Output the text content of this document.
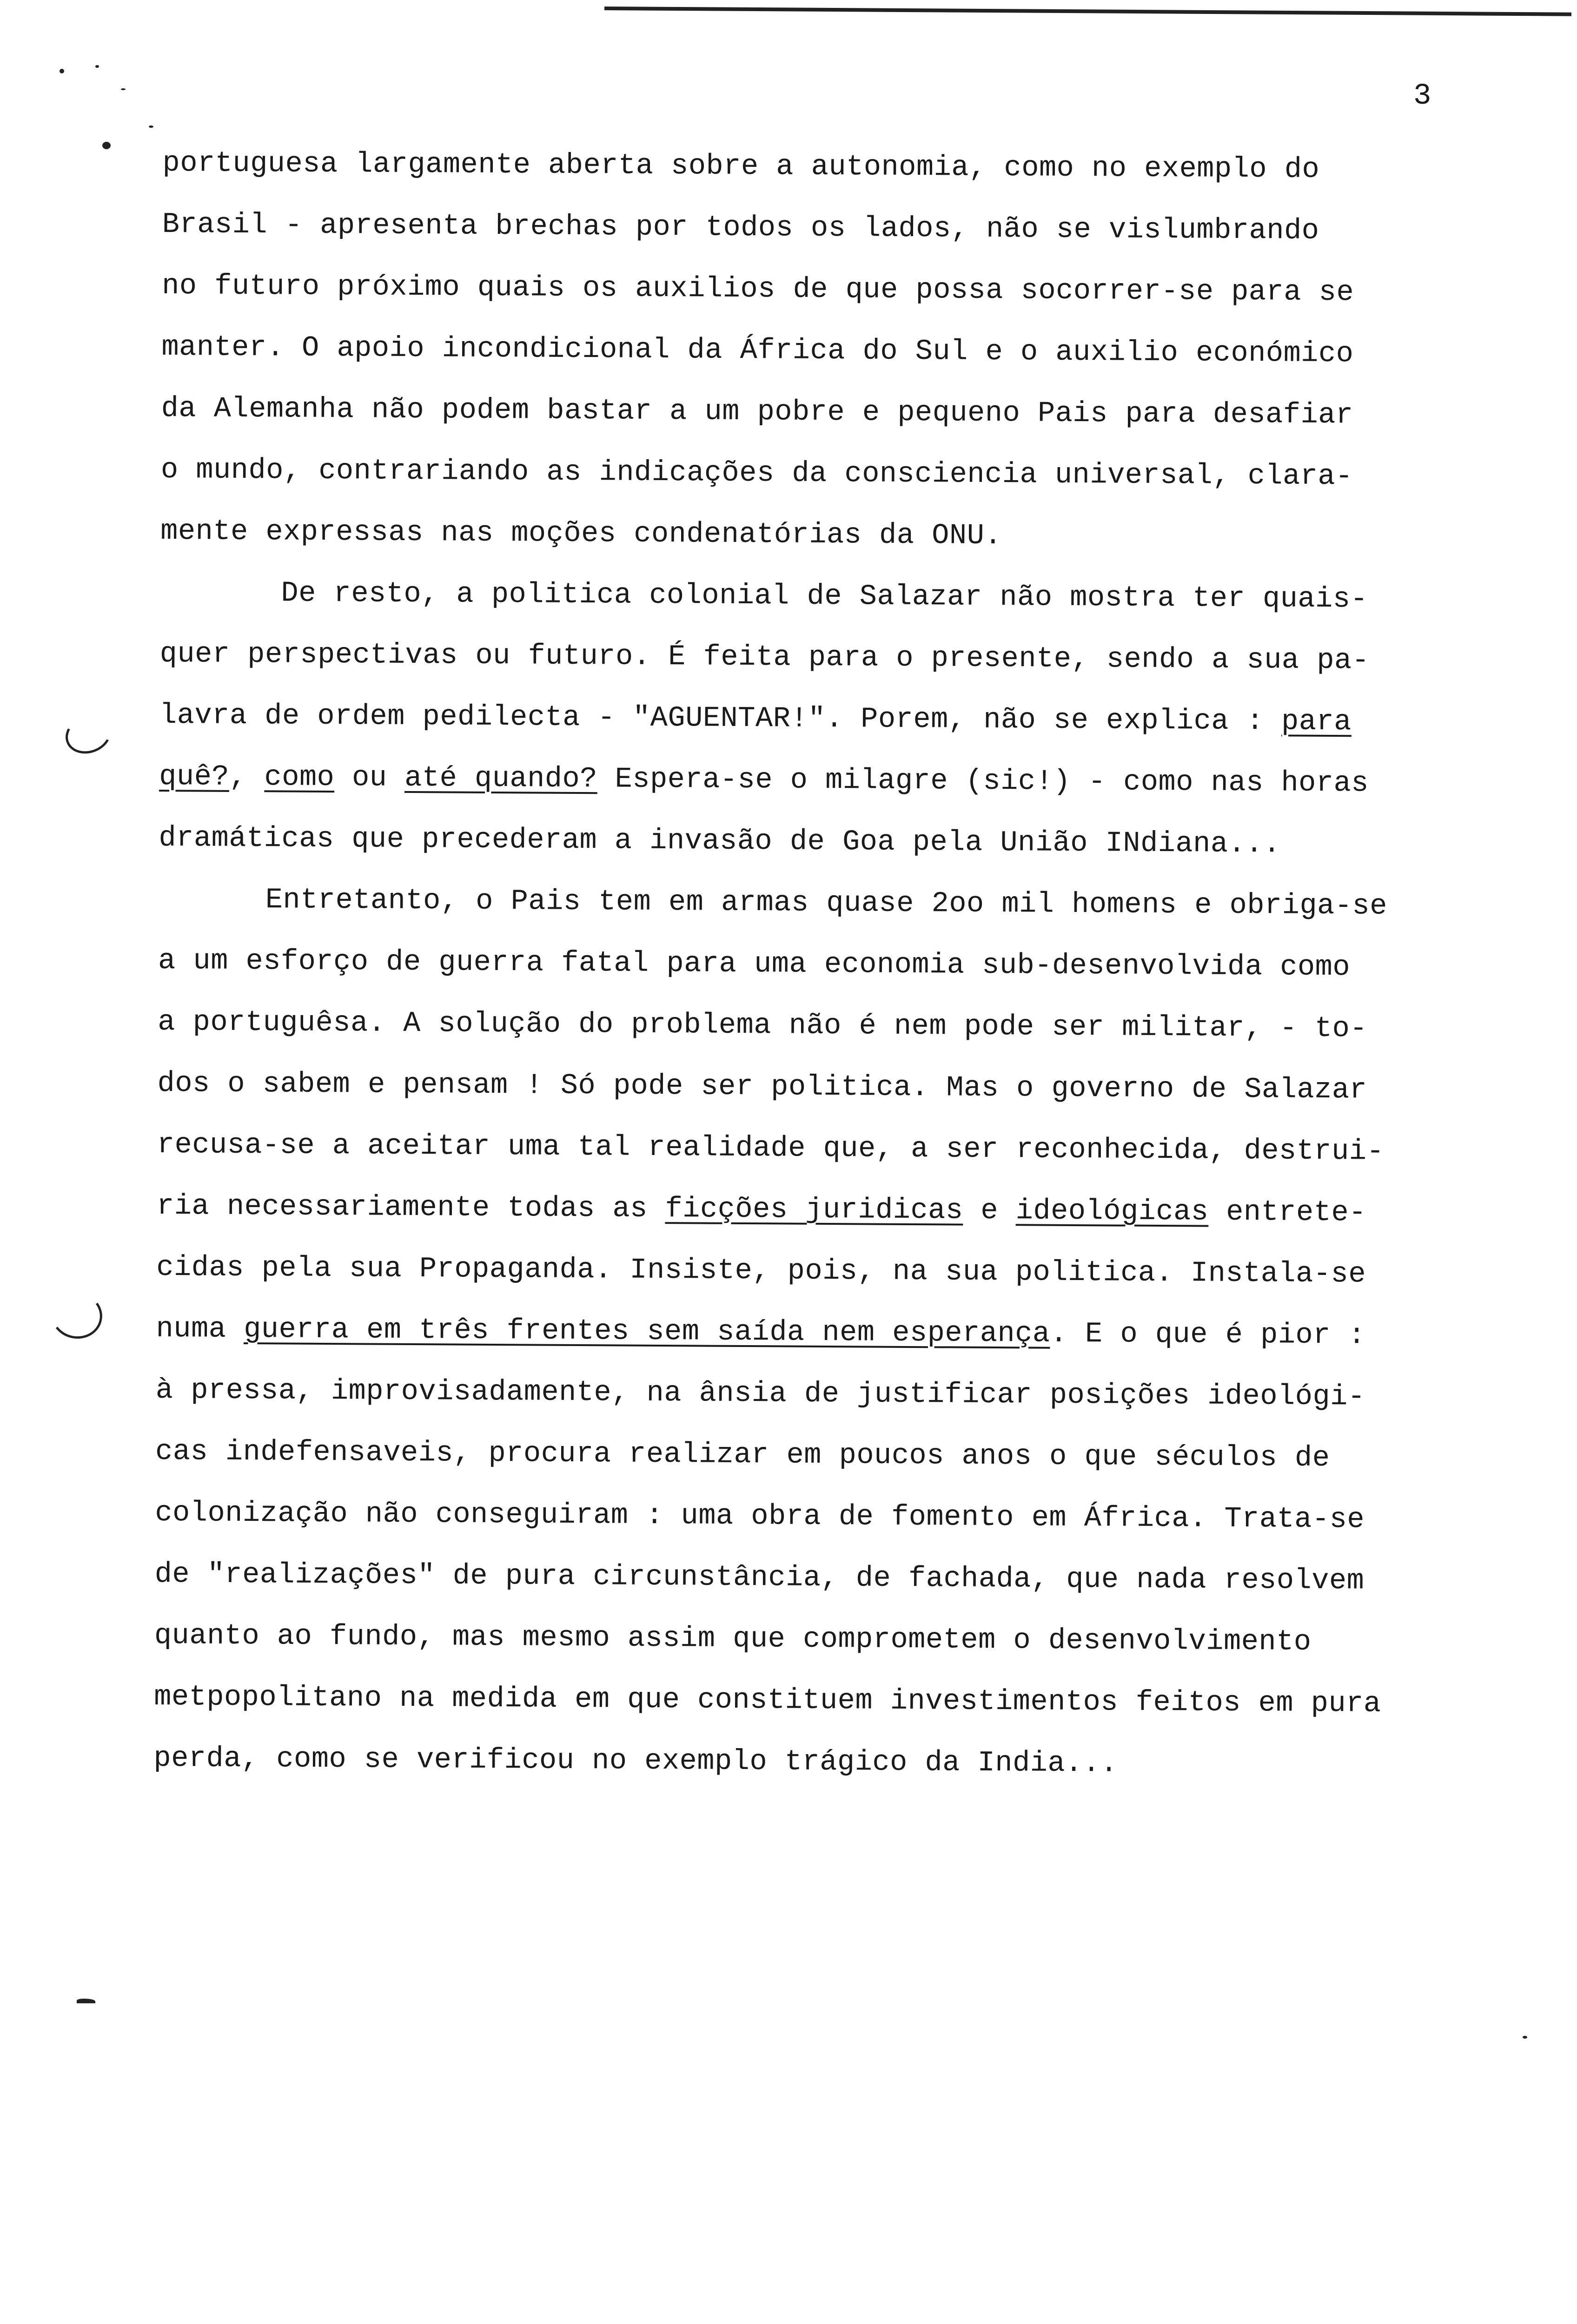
3
portuguesa largamente aberta sobre a autonomia, como no exemplo do
Brasil - apresenta brechas por todos os lados, não se vislumbrando
no futuro próximo quais os auxilios de que possa socorrer-se para se
manter. O apoio incondicional da África do Sul e o auxilio económico
da Alemanha não podem bastar a um pobre e pequeno Pais para desafiar
o mundo, contrariando as indicações da consciencia universal, clara-
mente expressas nas moções condenatórias da ONU.
De resto, a politica colonial de Salazar não mostra ter quais-
quer perspectivas ou futuro. É feita para o presente, sendo a sua pa-
lavra de ordem pedilecta - "AGUENTAR!". Porem, não se explica : para
quê?, como ou até quando? Espera-se o milagre (sic!) - como nas horas
dramáticas que precederam a invasão de Goa pela União INdiana...
Entretanto, o Pais tem em armas quase 2oo mil homens e obriga-se
a um esforço de guerra fatal para uma economia sub-desenvolvida como
a portuguêsa. A solução do problema não é nem pode ser militar, - to-
dos o sabem e pensam ! Só pode ser politica. Mas o governo de Salazar
recusa-se a aceitar uma tal realidade que, a ser reconhecida, destrui-
ria necessariamente todas as ficções juridicas e ideológicas entrete-
cidas pela sua Propaganda. Insiste, pois, na sua politica. Instala-se
numa guerra em três frentes sem saída nem esperança. E o que é pior :
à pressa, improvisadamente, na ânsia de justificar posições ideológi-
cas indefensaveis, procura realizar em poucos anos o que séculos de
colonização não conseguiram : uma obra de fomento em África. Trata-se
de "realizações" de pura circunstância, de fachada, que nada resolvem
quanto ao fundo, mas mesmo assim que comprometem o desenvolvimento
metpopolitano na medida em que constituem investimentos feitos em pura
perda, como se verificou no exemplo trágico da India...
